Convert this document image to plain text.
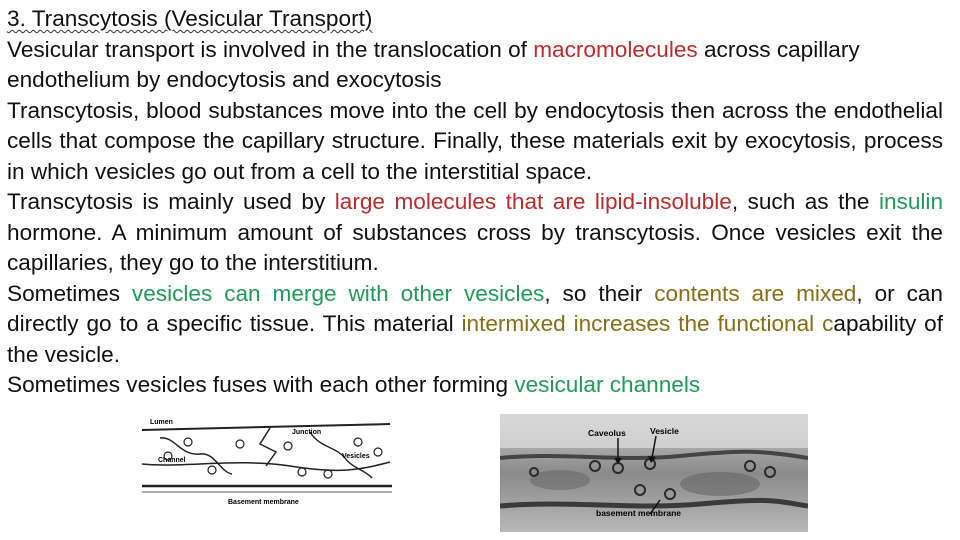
3. Transcytosis (Vesicular Transport)

Vesicular transport is involved in the translocation of macromolecules across capillary endothelium by endocytosis and exocytosis

Transcytosis, blood substances move into the cell by endocytosis then across the endothelial cells that compose the capillary structure. Finally, these materials exit by exocytosis, process in which vesicles go out from a cell to the interstitial space.

Transcytosis is mainly used by large molecules that are lipid-insoluble, such as the insulin hormone. A minimum amount of substances cross by transcytosis. Once vesicles exit the capillaries, they go to the interstitium.

Sometimes vesicles can merge with other vesicles, so their contents are mixed, or can directly go to a specific tissue. This material intermixed increases the functional capability of the vesicle.

Sometimes vesicles fuses with each other forming vesicular channels

Lumen
Junction
Channel
Vesicles
Basement membrane
Caveolus	Vesicle
basement membrane
